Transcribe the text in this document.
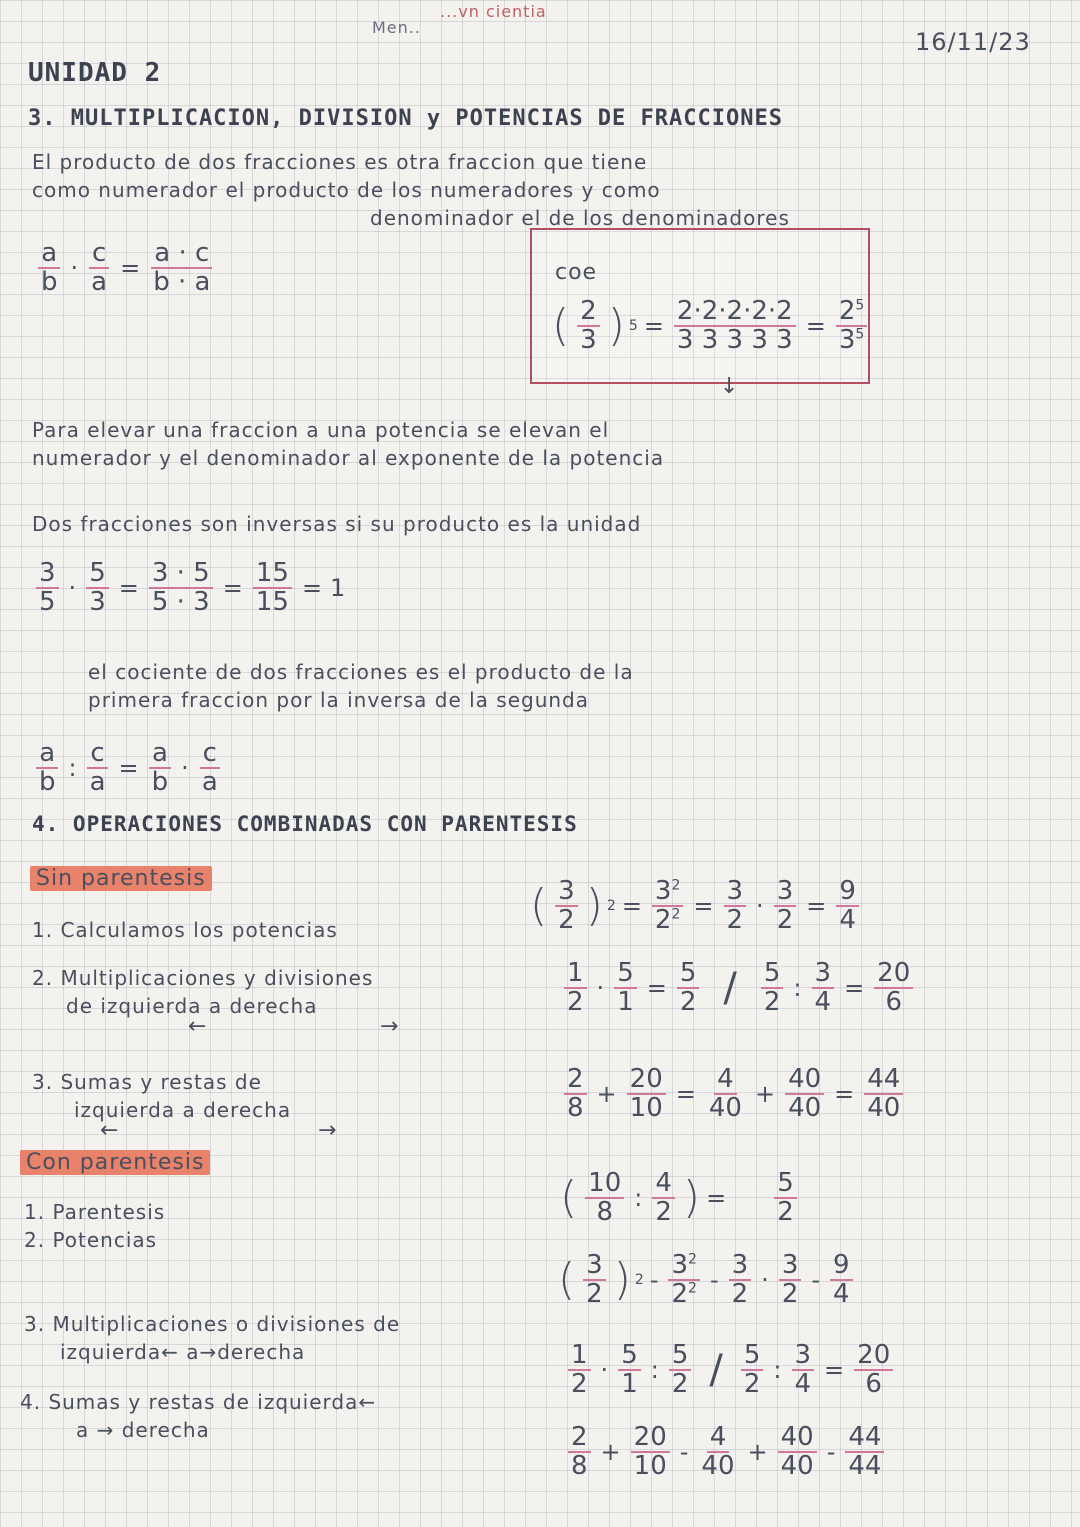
Men..
...vn cientia
16/11/23
UNIDAD 2
3. MULTIPLICACION, DIVISION y POTENCIAS DE FRACCIONES
El producto de dos fracciones es otra fraccion que tiene
como numerador el producto de los numeradores y como
denominador el de los denominadores
$\frac{a}{b} \cdot \frac{c}{a} = \frac{a \cdot c}{b \cdot a}$	coe
( $\frac{2}{3}$ ) $5 = \frac{2\cdot 2\cdot 2\cdot 2\cdot 2}{3 3 3 3 3} = \frac{2^5}{3^5}$
↓
Para elevar una fraccion a una potencia se elevan el
numerador y el denominador al exponente de la potencia
Dos fracciones son inversas si su producto es la unidad
$\frac{3}{5} \cdot \frac{5}{3} = \frac{3 \cdot 5}{5 \cdot 3} = \frac{15}{15} = 1$
el cociente de dos fracciones es el producto de la
primera fraccion por la inversa de la segunda
$\frac{a}{b}$ : $\frac{c}{a} = \frac{a}{b} \cdot \frac{c}{a}$
4. OPERACIONES COMBINADAS CON PARENTESIS
Sin parentesis
1. Calculamos los potencias
2. Multiplicaciones y divisiones
de izquierda a derecha
←	→
3. Sumas y restas de
izquierda a derecha
←	→
Con parentesis
1. Parentesis
2. Potencias
3. Multiplicaciones o divisiones de
izquierda← a→derecha
4. Sumas y restas de izquierda←
a → derecha
( $\frac{3}{2}$ ) $2 = \frac{3^2}{2^2} = \frac{3}{2} \cdot \frac{3}{2} = \frac{9}{4}$
$\frac{1}{2} \cdot \frac{5}{1} = \frac{5}{2} / \frac{5}{2}$ : $\frac{3}{4} = \frac{20}{6}$
$\frac{2}{8} + \frac{20}{10} = \frac{4}{40} + \frac{40}{40} = \frac{44}{40}$
( $\frac{10}{8}$ : $\frac{4}{2}$ ) = $\frac{5}{2}$
( $\frac{3}{2}$ ) $2 - \frac{3^2}{2^2} - \frac{3}{2} \cdot \frac{3}{2} - \frac{9}{4}$
$\frac{1}{2} \cdot \frac{5}{1}$ : $\frac{5}{2} / \frac{5}{2}$ : $\frac{3}{4} = \frac{20}{6}$
$\frac{2}{8} + \frac{20}{10} - \frac{4}{40} + \frac{40}{40} - \frac{44}{44}$
